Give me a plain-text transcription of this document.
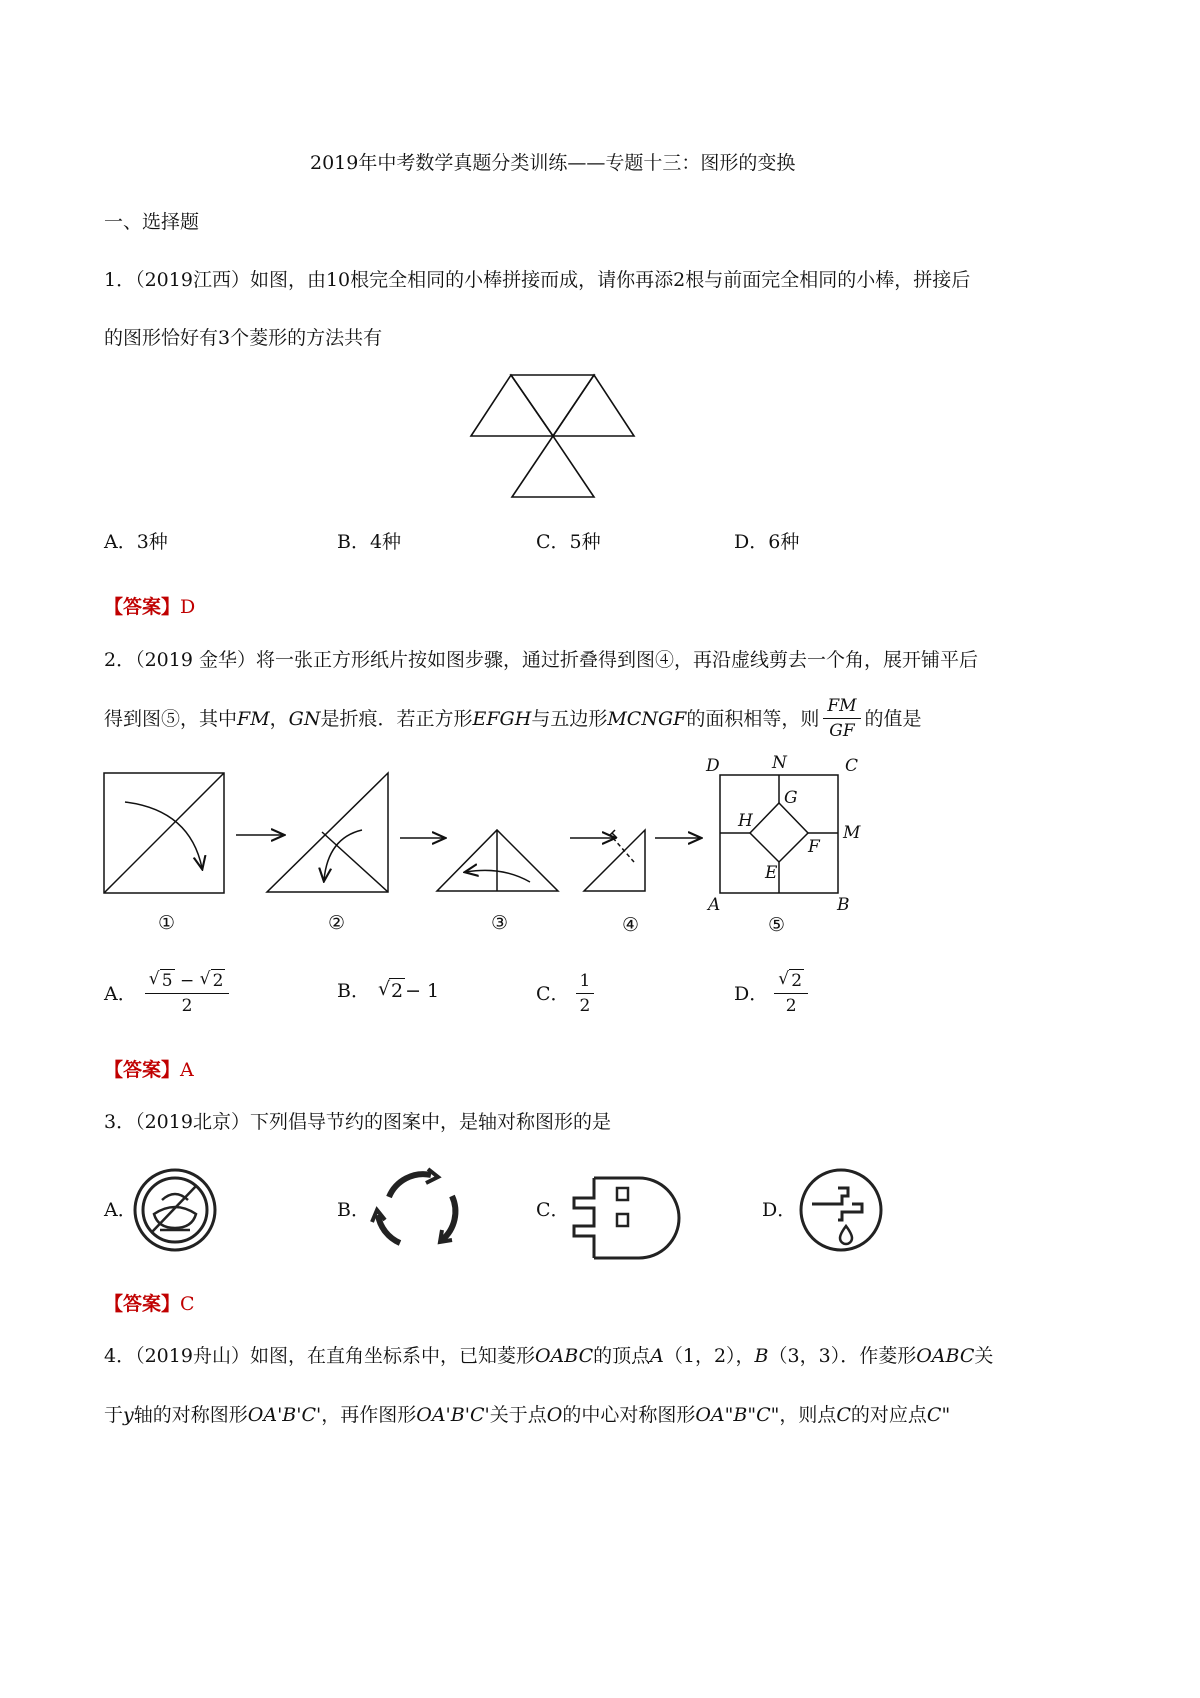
2019年中考数学真题分类训练——专题十三：图形的变换
一、选择题
1．（2019江西）如图，由10根完全相同的小棒拼接而成，请你再添2根与前面完全相同的小棒，拼接后
的图形恰好有3个菱形的方法共有
A．3种	B．4种	C．5种	D．6种
【答案】D
2．（2019 金华）将一张正方形纸片按如图步骤，通过折叠得到图④，再沿虚线剪去一个角，展开铺平后
得到图⑤，其中 FM ， GN 是折痕．若正方形 EFGH 与五边形 MCNGF 的面积相等，则 $\frac{FM}{GF}$ 的值是
①	②	③	④	⑤
D	N	C
G
H
M
F
E
A	B
A． √ $\frac{5 - √ 2}{2}$	B．	√ 2 − 1	C． $\frac{1}{2}$	D． √ $\frac{2}{2}$
【答案】A
3．（2019北京）下列倡导节约的图案中，是轴对称图形的是
A．	B．	C．	D．
【答案】C
4．（2019舟山）如图，在直角坐标系中，已知菱形OABC的顶点A（1，2），B（3，3）．作菱形OABC关
于y轴的对称图形OA'B'C'，再作图形OA'B'C'关于点O的中心对称图形OA"B"C"，则点C的对应点C"
